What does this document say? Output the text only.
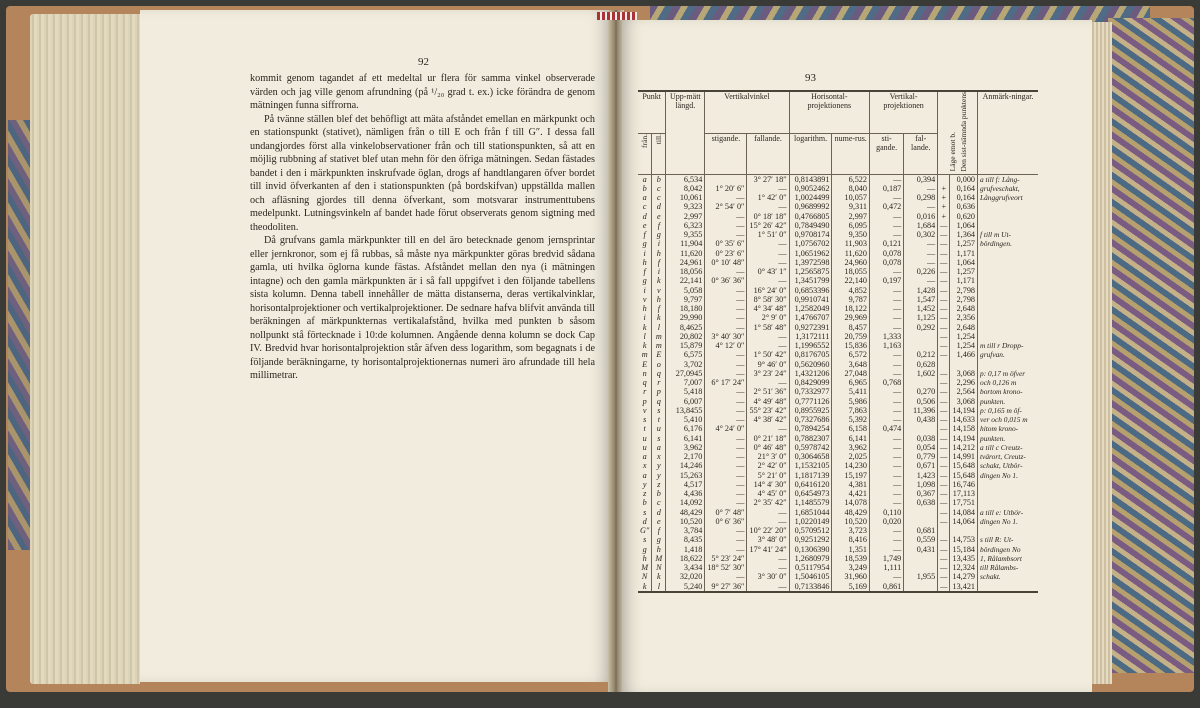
92

kommit genom tagandet af ett medeltal ur flera för samma vinkel observerade värden och jag ville genom afrundning (på ¹/₂₀ grad t. ex.) icke förändra de genom mätningen funna siffrorna.

På tvänne ställen blef det behöfligt att mäta afståndet emellan en märkpunkt och en stationspunkt (stativet), nämligen från o till E och från f till G″. I dessa fall undangjordes först alla vinkelobservationer från och till stationspunkten, så att en möjlig rubbning af stativet blef utan mehn för den öfriga mätningen. Sedan fästades bandet i den i märkpunkten inskrufvade öglan, drogs af handtlangaren öfver bordet till invid öfverkanten af den i stationspunkten (på bordskifvan) uppställda mallen och afläsning gjordes till denna öfverkant, som motsvarar instrumenttubens medelpunkt. Lutningsvinkeln af bandet hade förut observerats genom sigtning med theodoliten.

Då grufvans gamla märkpunkter till en del äro betecknade genom jernsprintar eller jernkronor, som ej få rubbas, så måste nya märkpunkter göras bredvid sådana gamla, uti hvilka öglorna kunde fästas. Afståndet mellan den nya (i mätningen intagne) och den gamla märkpunkten är i så fall uppgifvet i den följande tabellens sista kolumn. Denna tabell innehåller de mätta distanserna, deras vertikalvinklar, horisontalprojektioner och vertikalprojektioner. De sednare hafva blifvit använda till beräkningen af märkpunkternas vertikalafstånd, hvilka med punkten b såsom nollpunkt stå förtecknade i 10:de kolumnen. Angående denna kolumn se dock Cap IV. Bredvid hvar horisontalprojektion står äfven dess logarithm, som begagnats i de följande beräkningarne, ty horisontalprojektionernas numeri äro afrundade till hela millimetrar.

93
Punkt		Upp-mätt längd.	Vertikalvinkel		Horisontal-projektionens		Vertikal-projektionen		Läge emot b. Den sist-nämnda punktens		Anmärk-ningar.
från.	till.		stigande.	fallande.	logarithm.	nume-rus.	sti-gande.	fal-lande.			
a	b	6,534		3° 27′ 18″	0,8143891	6,522	—	0,394		0,000	a till f: Lång-
b	c	8,042	1° 20′ 6″	—	0,9052462	8,040	0,187	—	+	0,164	grufveschakt,
a	c	10,061	—	1° 42′ 0″	1,0024499	10,057	—	0,298	+	0,164	Långgrufveort
c	d	9,323	2° 54′ 0″	—	0,9689992	9,311	0,472	—	+	0,636	
d	e	2,997	—	0° 18′ 18″	0,4766805	2,997	—	0,016	+	0,620	
e	f	6,323	—	15° 26′ 42″	0,7849490	6,095	—	1,684	—	1,064	
f	g	9,355	—	1° 51′ 0″	0,9708174	9,350	—	0,302	—	1,364	f till m Ut-
g	i	11,904	0° 35′ 6″	—	1,0756702	11,903	0,121	—	—	1,257	bördingen.
i	h	11,620	0° 23′ 6″	—	1,0651962	11,620	0,078	—	—	1,171	
h	f	24,961	0° 10′ 48″	—	1,3972598	24,960	0,078	—	—	1,064	
f	i	18,056	—	0° 43′ 1″	1,2565875	18,055	—	0,226	—	1,257	
g	k	22,141	0° 36′ 36″	—	1,3451799	22,140	0,197	—	—	1,171	
i	v	5,058	—	16° 24′ 0″	0,6853396	4,852	—	1,428	—	2,798	
v	h	9,797	—	8° 58′ 30″	0,9910741	9,787	—	1,547	—	2,798	
h	f	18,180	—	4° 34′ 48″	1,2582049	18,122	—	1,452	—	2,648	
i	k	29,990	—	2° 9′ 0″	1,4766707	29,969	—	1,125	—	2,356	
k	l	8,4625	—	1° 58′ 48″	0,9272391	8,457	—	0,292	—	2,648	
l	m	20,802	3° 40′ 30″	—	1,3172111	20,759	1,333		—	1,254	
k	m	15,879	4° 12′ 0″	—	1,1996552	15,836	1,163		—	1,254	m till r Dropp-
m	E	6,575	—	1° 50′ 42″	0,8176705	6,572	—	0,212	—	1,466	grufvan.
E	o	3,702	—	9° 46′ 0″	0,5620960	3,648	—	0,628			
n	q	27,0945	—	3° 23′ 24″	1,4321206	27,048	—	1,602	—	3,068	p: 0,17 m öfver
q	r	7,007	6° 17′ 24″	—	0,8429099	6,965	0,768		—	2,296	och 0,126 m
r	p	5,418	—	2° 51′ 36″	0,7332977	5,411	—	0,270	—	2,564	bortom krono-
p	q	6,007	—	4° 49′ 48″	0,7771126	5,986	—	0,506	—	3,068	punkten.
v	s	13,8455	—	55° 23′ 42″	0,8955925	7,863	—	11,396	—	14,194	p: 0,165 m öf-
s	t	5,410	—	4° 38′ 42″	0,7327686	5,392	—	0,438	—	14,633	ver och 0,015 m
t	u	6,176	4° 24′ 0″	—	0,7894254	6,158	0,474		—	14,158	hitom krono-
u	s	6,141	—	0° 21′ 18″	0,7882307	6,141	—	0,038	—	14,194	punkten.
u	a	3,962	—	0° 46′ 48″	0,5978742	3,962	—	0,054	—	14,212	a till c Creutz-
a	x	2,170	—	21° 3′ 0″	0,3064658	2,025	—	0,779	—	14,991	tvärort, Creutz-
x	y	14,246	—	2° 42′ 0″	1,1532105	14,230	—	0,671	—	15,648	schakt, Utbör-
a	y	15,263	—	5° 21′ 0″	1,1817139	15,197	—	1,423	—	15,648	dingen No 1.
y	z	4,517	—	14° 4′ 30″	0,6416120	4,381	—	1,098	—	16,746	
z	b	4,436	—	4° 45′ 0″	0,6454973	4,421	—	0,367	—	17,113	
b	c	14,092	—	2° 35′ 42″	1,1485579	14,078	—	0,638	—	17,751	
s	d	48,429	0° 7′ 48″	—	1,6851044	48,429	0,110		—	14,084	a till e: Utbör-
d	e	10,520	0° 6′ 36″	—	1,0220149	10,520	0,020		—	14,064	dingen No 1.
G″	f	3,784	—	10° 22′ 20″	0,5709512	3,723	—	0,681			
s	g	8,435	—	3° 48′ 0″	0,9251292	8,416	—	0,559	—	14,753	s till R: Ut-
g	h	1,418	—	17° 41′ 24″	0,1306390	1,351	—	0,431	—	15,184	bördingen No
h	M	18,622	5° 23′ 24″	—	1,2680979	18,539	1,749		—	13,435	1, Rålambsort
M	N	3,434	18° 52′ 30″	—	0,5117954	3,249	1,111		—	12,324	till Rålambs-
N	k	32,020	—	3° 30′ 0″	1,5046105	31,960	—	1,955	—	14,279	schakt.
k	l	5,240	9° 27′ 36″	—	0,7133846	5,169	0,861		—	13,421	
